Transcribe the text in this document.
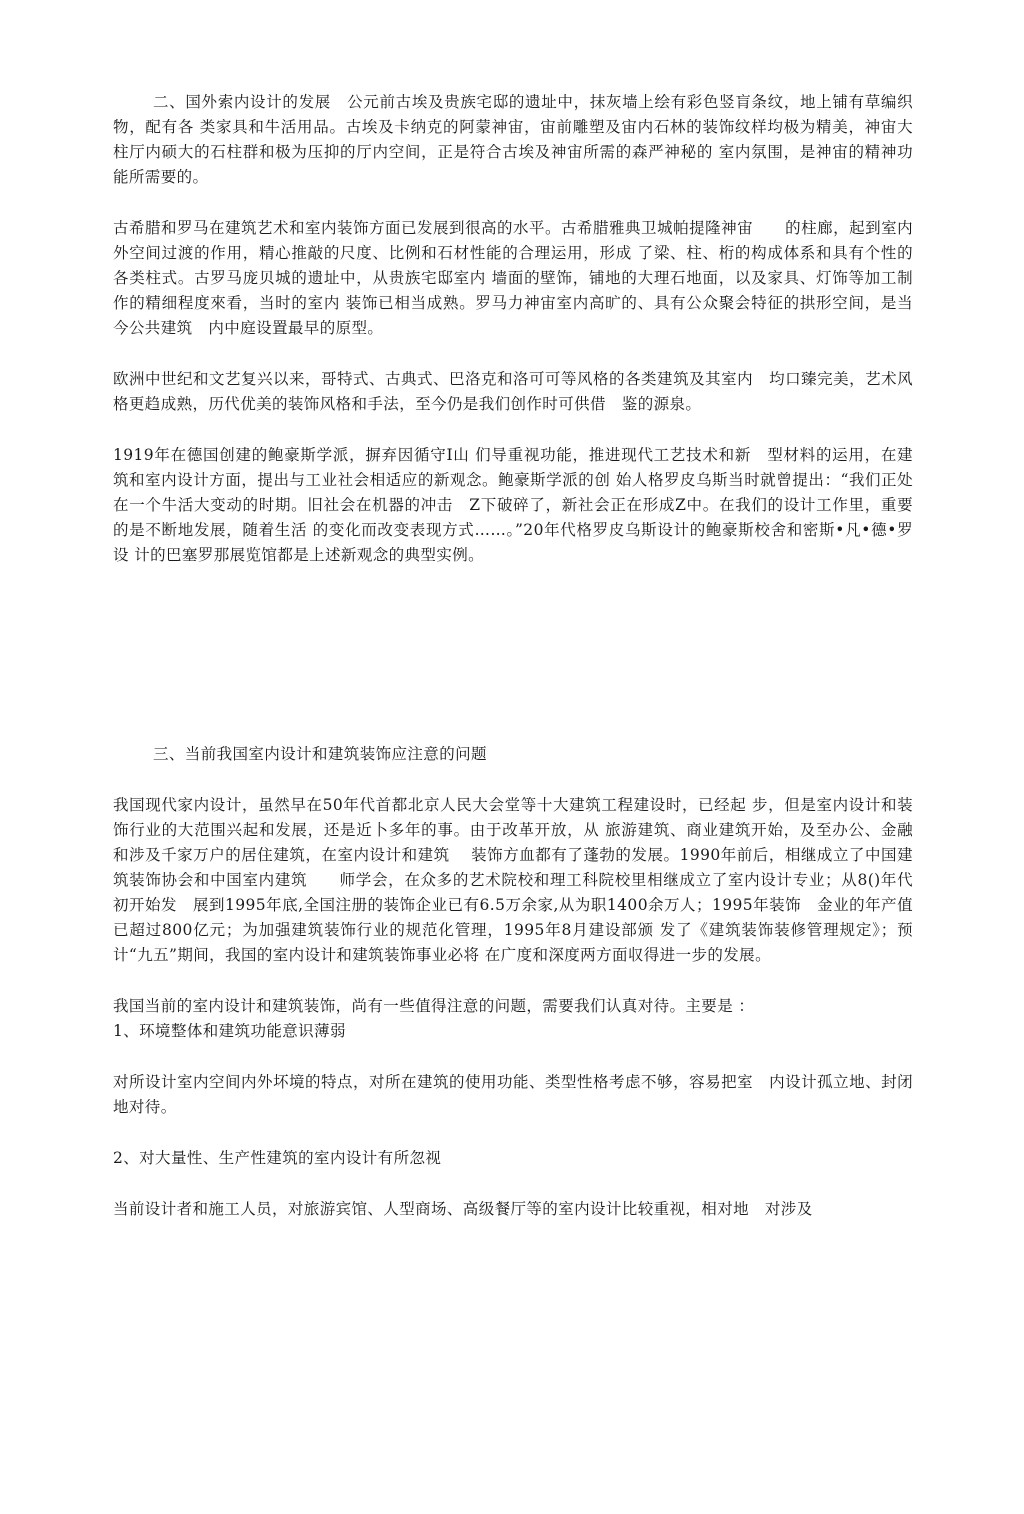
二、国外索内设计的发展　公元前古埃及贵族宅邸的遗址中，抹灰墙上绘有彩色竖肓条纹，地上铺有草编织物，配有各 类家具和牛活用品。古埃及卡纳克的阿蒙神宙，宙前雕塑及宙内石林的装饰纹样均极为精美，神宙大柱厅内硕大的石柱群和极为压抑的厅内空间，正是符合古埃及神宙所需的森严神秘的 室内氛围，是神宙的精神功能所需要的。

古希腊和罗马在建筑艺术和室内装饰方面已发展到很高的水平。古希腊雅典卫城帕提隆神宙　　的柱廊，起到室内外空间过渡的作用，精心推敲的尺度、比例和石材性能的合理运用，形成 了梁、柱、桁的构成体系和具有个性的各类柱式。古罗马庞贝城的遗址中，从贵族宅邸室内 墙面的壁饰，铺地的大理石地面，以及家具、灯饰等加工制作的精细程度來看，当时的室内 装饰已相当成熟。罗马力神宙室内高旷的、具有公众聚会特征的拱形空间，是当今公共建筑　内中庭设置最早的原型。

欧洲中世纪和文艺复兴以来，哥特式、古典式、巴洛克和洛可可等风格的各类建筑及其室内　均口臻完美，艺术风格更趋成熟，历代优美的装饰风格和手法，至今仍是我们创作时可供借　鉴的源泉。

1919年在德国创建的鲍豪斯学派，摒弃因循守I山 们导重视功能，推进现代工艺技术和新　型材料的运用，在建筑和室内设计方面，提出与工业社会相适应的新观念。鲍豪斯学派的创 始人格罗皮乌斯当时就曾提出：“我们正处在一个牛活大变动的时期。旧社会在机器的冲击　Z下破碎了，新社会正在形成Z中。在我们的设计工作里，重要的是不断地发展，随着生活 的变化而改变表现方式……。”20年代格罗皮乌斯设计的鲍豪斯校舍和密斯•凡•德•罗设 计的巴塞罗那展览馆都是上述新观念的典型实例。

三、当前我国室内设计和建筑装饰应注意的问题

我国现代家内设计，虽然早在50年代首都北京人民大会堂等十大建筑工程建设时，已经起 步，但是室内设计和装饰行业的大范围兴起和发展，还是近卜多年的事。由于改革开放，从 旅游建筑、商业建筑开始，及至办公、金融和涉及千家万户的居住建筑，在室内设计和建筑　 装饰方血都有了蓬勃的发展。1990年前后，相继成立了中国建筑装饰协会和中国室内建筑　　师学会，在众多的艺术院校和理工科院校里相继成立了室内设计专业；从8()年代初开始发　展到1995年底,全国注册的装饰企业已有6.5万余家,从为职1400余万人；1995年装饰　金业的年产值已超过800亿元；为加强建筑装饰行业的规范化管理，1995年8月建设部颁 发了《建筑装饰装修管理规定》；预计“九五”期间，我国的室内设计和建筑装饰事业必将 在广度和深度两方面収得进一步的发展。

我国当前的室内设计和建筑装饰，尚有一些值得注意的问题，需要我们认真对待。主要是 ：

1、环境整体和建筑功能意识薄弱

对所设计室内空间内外坏境的特点，对所在建筑的使用功能、类型性格考虑不够，容易把室　内设计孤立地、封闭地对待。

2、对大量性、生产性建筑的室内设计有所忽视

当前设计者和施工人员，对旅游宾馆、人型商场、高级餐厅等的室内设计比较重视，相对地　对涉及
